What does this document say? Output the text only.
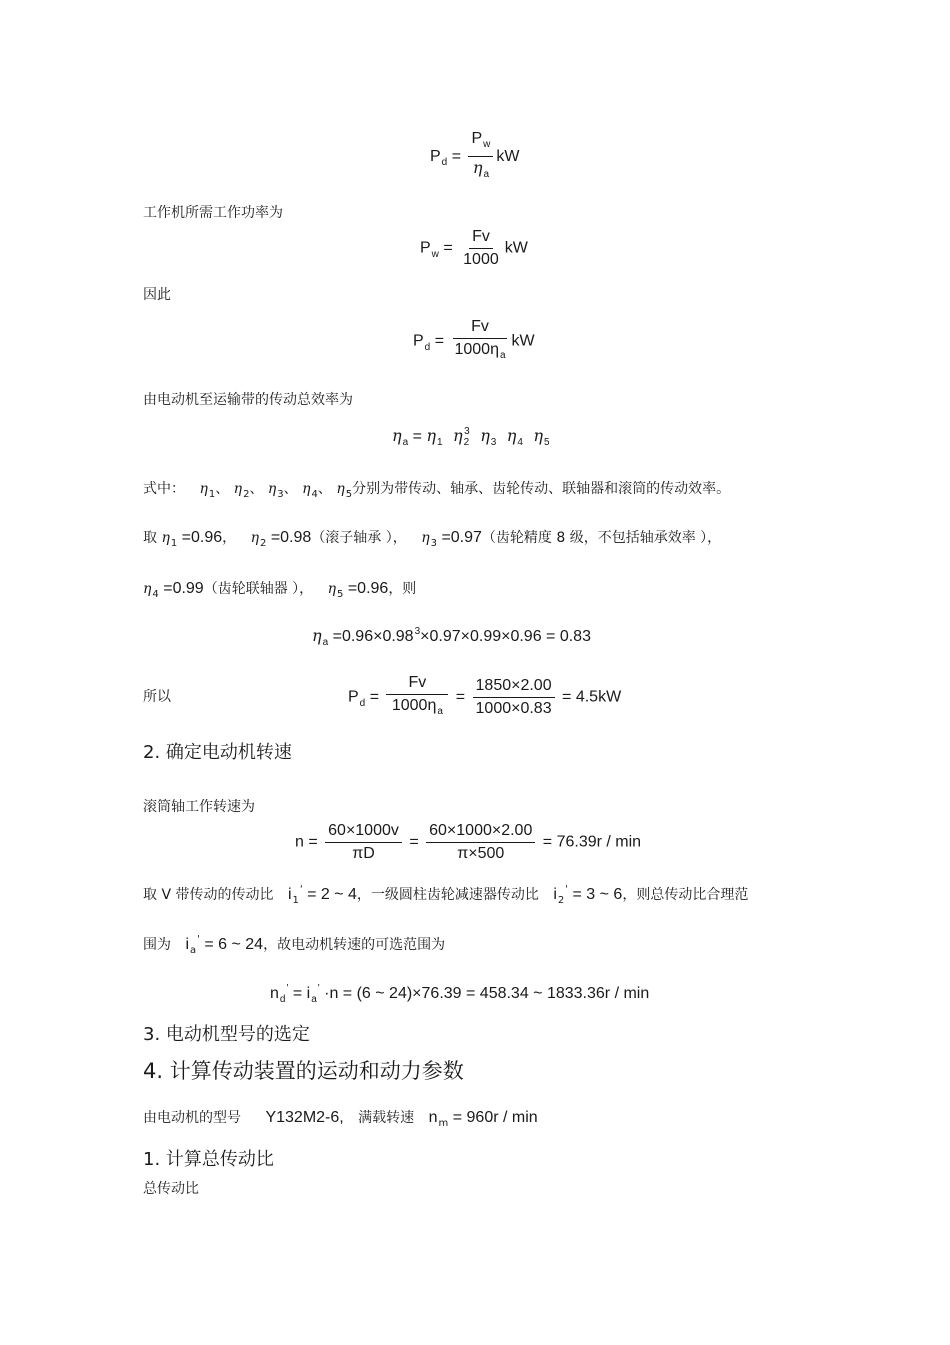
$P_d = \frac{P_w}{\eta_a}$ kW
工作机所需工作功率为
$P_w = \frac{Fv}{1000}$ kW
因此
$P_d = \frac{Fv}{1000\eta_a}$ kW
由电动机至运输带的传动总效率为
$\eta_a = \eta_1$ $\eta_2^3$ $\eta_3$ $\eta_4$ $\eta_5$
式中： $\eta_1$、 $\eta_2$、 $\eta_3$、 $\eta_4$、 $\eta_5$分别为带传动、轴承、齿轮传动、联轴器和滚筒的传动效率。
取 $\eta_1 =0.96$， $\eta_2 =0.98$（滚子轴承 ）， $\eta_3 =0.97$（齿轮精度 8 级，不包括轴承效率 ），
$\eta_4 =0.99$（齿轮联轴器 ）， $\eta_5 =0.96$，则
$\eta_a =0.96\times 0.98^3\times 0.97\times 0.99\times 0.96 = 0.83$
所以	$P_d = \frac{Fv}{1000\eta_a} = \frac{1850\times 2.00}{1000\times 0.83} = 4.5kW$
2. 确定电动机转速
滚筒轴工作转速为
$n = \frac{60\times 1000v}{\pi D} = \frac{60\times 1000\times 2.00}{\pi\times 500} = 76.39r / \min$
取 V 带传动的传动比 $i_1' = 2$ ~ 4，一级圆柱齿轮减速器传动比 $i_2' = 3$ ~ 6，则总传动比合理范
围为 $i_a' = 6$ ~ 24，故电动机转速的可选范围为
$n_d' = i_a' \cdot n = (6$ ~ 24)×76.39 = 458.34 ~ 1833.36r / min
3. 电动机型号的选定
4. 计算传动装置的运动和动力参数
由电动机的型号 Y132M2-6, 满载转速 $n_m = 960r / \min$
1. 计算总传动比
总传动比
